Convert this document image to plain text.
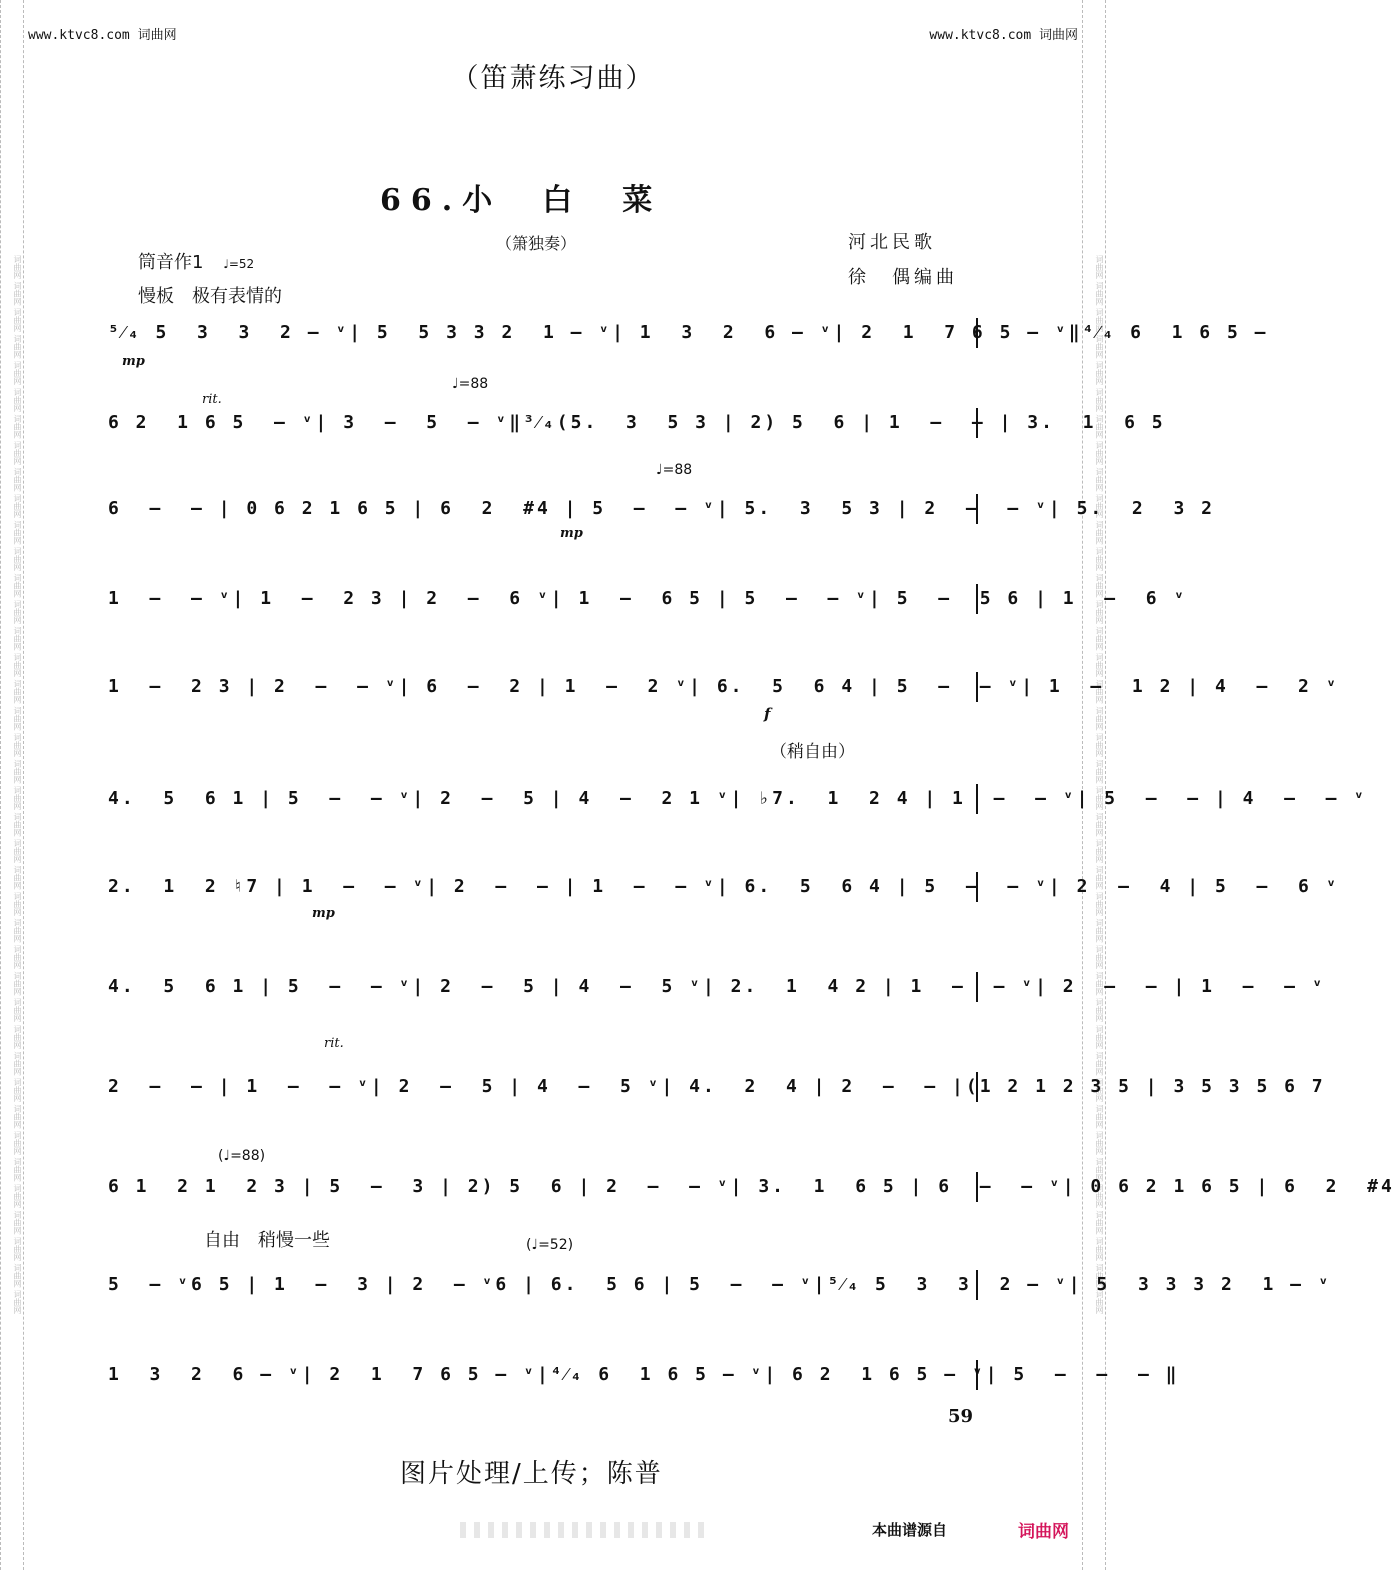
词曲网 词曲网 词曲网 词曲网 词曲网 词曲网 词曲网 词曲网 词曲网 词曲网 词曲网 词曲网 词曲网 词曲网 词曲网 词曲网 词曲网 词曲网 词曲网 词曲网 词曲网 词曲网 词曲网 词曲网 词曲网 词曲网 词曲网 词曲网 词曲网 词曲网 词曲网 词曲网 词曲网 词曲网 词曲网 词曲网 词曲网 词曲网 词曲网 词曲网	词曲网 词曲网 词曲网 词曲网 词曲网 词曲网 词曲网 词曲网 词曲网 词曲网 词曲网 词曲网 词曲网 词曲网 词曲网 词曲网 词曲网 词曲网 词曲网 词曲网 词曲网 词曲网 词曲网 词曲网 词曲网 词曲网 词曲网 词曲网 词曲网 词曲网 词曲网 词曲网 词曲网 词曲网 词曲网 词曲网 词曲网 词曲网 词曲网 词曲网
www.ktvc8.com 词曲网	www.ktvc8.com 词曲网
（笛萧练习曲）
66.小　白　菜
（箫独奏）	河北民歌
徐　偶编曲
筒音作1 ♩=52
慢板　极有表情的
♩=88
rit.
♩=88
（稍自由）
rit.
(♩=88)
自由　稍慢一些	(♩=52)
mp
mp
f
mp
⁵⁄₄ 5  3  3  2 – ᵛ| 5  5 3 3 2  1 – ᵛ| 1  3  2  6 – ᵛ| 2  1  7 6 5 – ᵛ‖⁴⁄₄ 6  1 6 5 –
6 2  1 6 5  – ᵛ| 3  –  5  – ᵛ‖³⁄₄(5.  3  5 3 | 2) 5  6 | 1  –  – | 3.  1  6 5
6  –  – | 0 6 2 1 6 5 | 6  2  #4 | 5  –  – ᵛ| 5.  3  5 3 | 2  –  – ᵛ| 5.  2  3 2
1  –  – ᵛ| 1  –  2 3 | 2  –  6 ᵛ| 1  –  6 5 | 5  –  – ᵛ| 5  –  5 6 | 1  –  6 ᵛ
1  –  2 3 | 2  –  – ᵛ| 6  –  2 | 1  –  2 ᵛ| 6.  5  6 4 | 5  –  – ᵛ| 1  –  1 2 | 4  –  2 ᵛ
4.  5  6 1 | 5  –  – ᵛ| 2  –  5 | 4  –  2 1 ᵛ| ♭7.  1  2 4 | 1  –  – ᵛ| 5  –  – | 4  –  – ᵛ
2.  1  2 ♮7 | 1  –  – ᵛ| 2  –  – | 1  –  – ᵛ| 6.  5  6 4 | 5  –  – ᵛ| 2  –  4 | 5  –  6 ᵛ
4.  5  6 1 | 5  –  – ᵛ| 2  –  5 | 4  –  5 ᵛ| 2.  1  4 2 | 1  –  – ᵛ| 2  –  – | 1  –  – ᵛ
2  –  – | 1  –  – ᵛ| 2  –  5 | 4  –  5 ᵛ| 4.  2  4 | 2  –  – |(1 2 1 2 3 5 | 3 5 3 5 6 7
6 1  2 1  2 3 | 5  –  3 | 2) 5  6 | 2  –  – ᵛ| 3.  1  6 5 | 6  –  – ᵛ| 0 6 2 1 6 5 | 6  2  #4
5  – ᵛ6 5 | 1  –  3 | 2  – ᵛ6 | 6.  5 6 | 5  –  – ᵛ|⁵⁄₄ 5  3  3  2 – ᵛ| 5  3 3 3 2  1 – ᵛ
1  3  2  6 – ᵛ| 2  1  7 6 5 – ᵛ|⁴⁄₄ 6  1 6 5 – ᵛ| 6 2  1 6 5 – ᵛ| 5  –  –  – ‖
59
图片处理/上传；陈普
本曲谱源自	词曲网
